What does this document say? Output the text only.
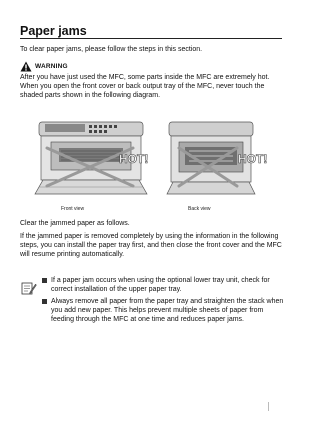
Paper jams
To clear paper jams, please follow the steps in this section.
WARNING
After you have just used the MFC, some parts inside the MFC are extremely hot. When you open the front cover or back output tray of the MFC, never touch the shaded parts shown in the following diagram.
HOT!	HOT!
Front view	Back view
Clear the jammed paper as follows.
If the jammed paper is removed completely by using the information in the following steps, you can install the paper tray first, and then close the front cover and the MFC will resume printing automatically.
If a paper jam occurs when using the optional lower tray unit, check for correct installation of the upper paper tray.
Always remove all paper from the paper tray and straighten the stack when you add new paper. This helps prevent multiple sheets of paper from feeding through the MFC at one time and reduces paper jams.
